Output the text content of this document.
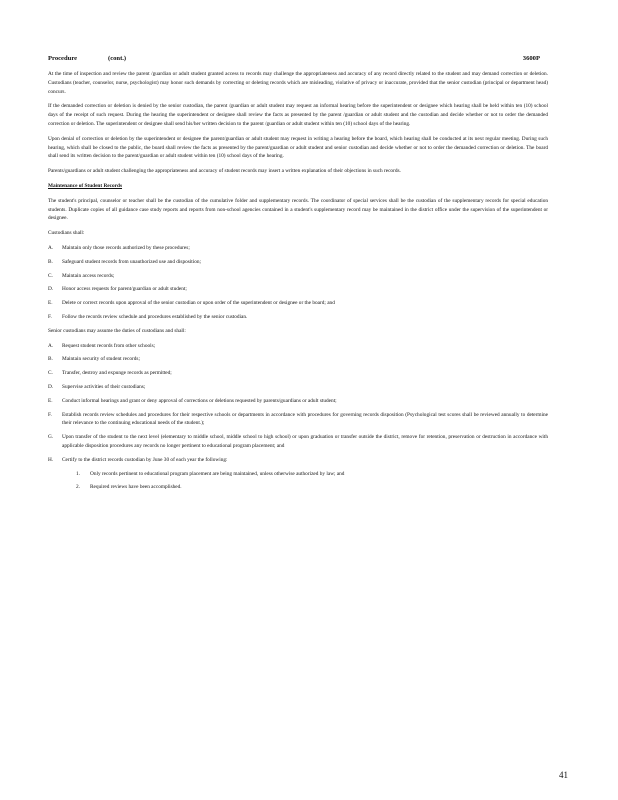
Procedure	(cont.)	3600P

At the time of inspection and review the parent /guardian or adult student granted access to records may challenge the appropriateness and accuracy of any record directly related to the student and may demand correction or deletion. Custodians (teacher, counselor, nurse, psychologist) may honor such demands by correcting or deleting records which are misleading, violative of privacy or inaccurate, provided that the senior custodian (principal or department head) concurs.

If the demanded correction or deletion is denied by the senior custodian, the parent /guardian or adult student may request an informal hearing before the superintendent or designee which hearing shall be held within ten (10) school days of the receipt of such request. During the hearing the superintendent or designee shall review the facts as presented by the parent /guardian or adult student and the custodian and decide whether or not to order the demanded correction or deletion. The superintendent or designee shall send his/her written decision to the parent /guardian or adult student within ten (10) school days of the hearing.

Upon denial of correction or deletion by the superintendent or designee the parent/guardian or adult student may request in writing a hearing before the board, which hearing shall be conducted at its next regular meeting. During such hearing, which shall be closed to the public, the board shall review the facts as presented by the parent/guardian or adult student and senior custodian and decide whether or not to order the demanded correction or deletion. The board shall send its written decision to the parent/guardian or adult student within ten (10) school days of the hearing.

Parents/guardians or adult student challenging the appropriateness and accuracy of student records may insert a written explanation of their objections in such records.

Maintenance of Student Records

The student's principal, counselor or teacher shall be the custodian of the cumulative folder and supplementary records. The coordinator of special services shall be the custodian of the supplementary records for special education students. Duplicate copies of all guidance case study reports and reports from non-school agencies contained in a student's supplementary record may be maintained in the district office under the supervision of the superintendent or designee.

Custodians shall:

A.	Maintain only those records authorized by these procedures;
B.	Safeguard student records from unauthorized use and disposition;
C.	Maintain access records;
D.	Honor access requests for parent/guardian or adult student;
E.	Delete or correct records upon approval of the senior custodian or upon order of the superintendent or designee or the board; and
F.	Follow the records review schedule and procedures established by the senior custodian.

Senior custodians may assume the duties of custodians and shall:

A.	Request student records from other schools;
B.	Maintain security of student records;
C.	Transfer, destroy and expunge records as permitted;
D.	Supervise activities of their custodians;
E.	Conduct informal hearings and grant or deny approval of corrections or deletions requested by parents/guardians or adult student;
F.	Establish records review schedules and procedures for their respective schools or departments in accordance with procedures for governing records disposition (Psychological test scores shall be reviewed annually to determine their relevance to the continuing educational needs of the student.);
G.	Upon transfer of the student to the next level (elementary to middle school, middle school to high school) or upon graduation or transfer outside the district, remove for retention, preservation or destruction in accordance with applicable disposition procedures any records no longer pertinent to educational program placement; and
H.	Certify to the district records custodian by June 30 of each year the following:
1.	Only records pertinent to educational program placement are being maintained, unless otherwise authorized by law; and
2.	Required reviews have been accomplished.
41
